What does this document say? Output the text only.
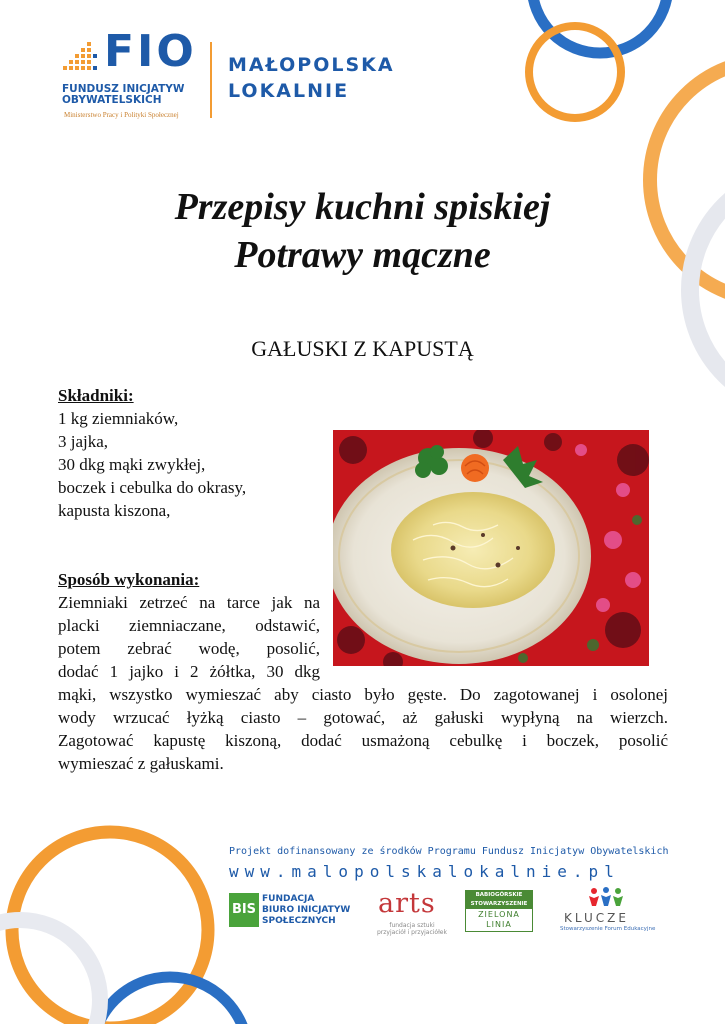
FIO
FUNDUSZ INICJATYW
OBYWATELSKICH
Ministerstwo Pracy i Polityki Społecznej
MAŁOPOLSKA
LOKALNIE
Przepisy kuchni spiskiej
Potrawy mączne
GAŁUSKI Z KAPUSTĄ
Składniki:
1 kg ziemniaków,
3 jajka,
30 dkg mąki zwykłej,
boczek i cebulka do okrasy,
kapusta kiszona,
Sposób wykonania:
Ziemniaki zetrzeć na tarce jak na
placki ziemniaczane, odstawić,
potem zebrać wodę, posolić,
dodać 1 jajko i 2 żółtka, 30 dkg
mąki, wszystko wymieszać aby ciasto było gęste. Do zagotowanej i osolonej
wody wrzucać łyżką ciasto – gotować, aż gałuski wypłyną na wierzch.
Zagotować kapustę kiszoną, dodać usmażoną cebulkę i boczek, posolić
wymieszać z gałuskami.
Projekt dofinansowany ze środków Programu Fundusz Inicjatyw Obywatelskich
www.malopolskalokalnie.pl
BIS
FUNDACJA
BIURO INICJATYW
SPOŁECZNYCH
arts
fundacja sztuki
przyjaciół i przyjaciółek
BABIOGÓRSKIE
STOWARZYSZENIE
ZIELONA
LINIA	KLUCZE
Stowarzyszenie Forum Edukacyjne
